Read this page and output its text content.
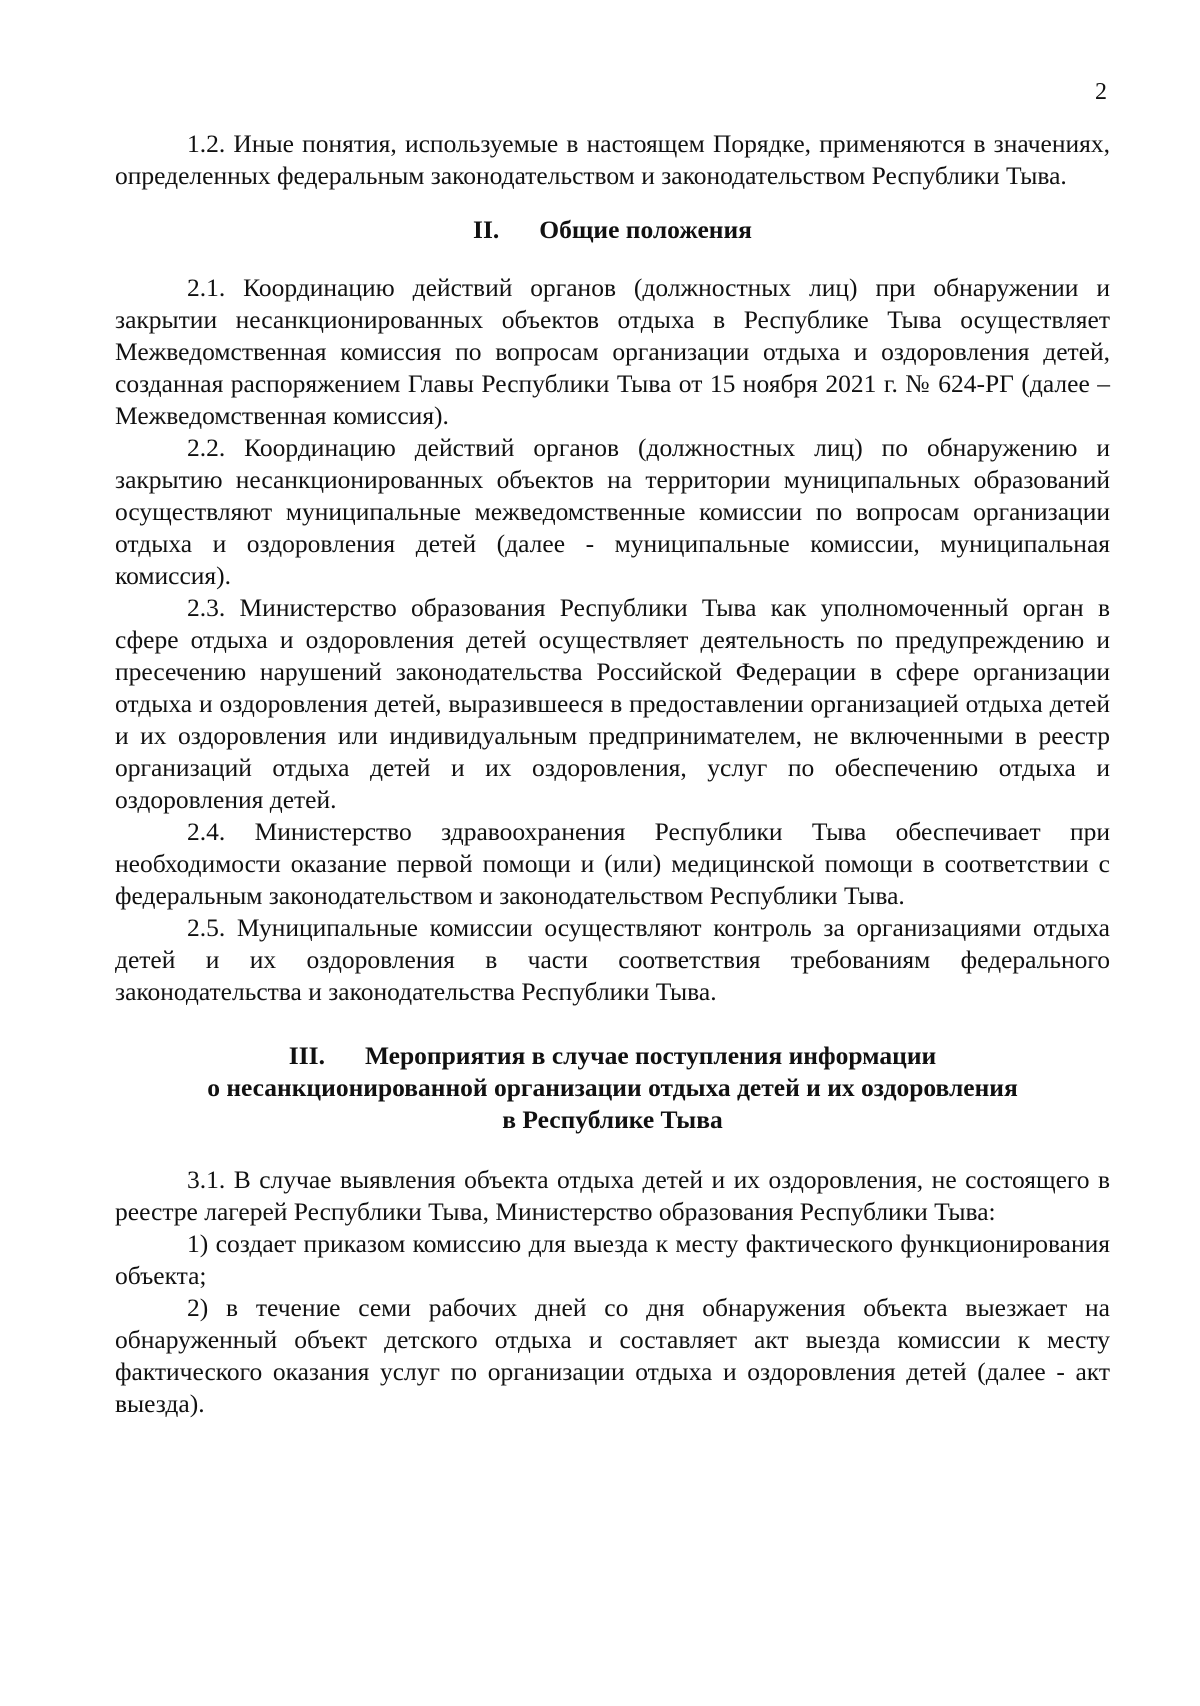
2

1.2. Иные понятия, используемые в настоящем Порядке, применяются в значениях, определенных федеральным законодательством и законодательством Республики Тыва.

II. Общие положения

2.1. Координацию действий органов (должностных лиц) при обнаружении и закрытии несанкционированных объектов отдыха в Республике Тыва осуществляет Межведомственная комиссия по вопросам организации отдыха и оздоровления детей, созданная распоряжением Главы Республики Тыва от 15 ноября 2021 г. № 624-РГ (далее – Межведомственная комиссия).

2.2. Координацию действий органов (должностных лиц) по обнаружению и закрытию несанкционированных объектов на территории муниципальных образований осуществляют муниципальные межведомственные комиссии по вопросам организации отдыха и оздоровления детей (далее - муниципальные комиссии, муниципальная комиссия).

2.3. Министерство образования Республики Тыва как уполномоченный орган в сфере отдыха и оздоровления детей осуществляет деятельность по предупреждению и пресечению нарушений законодательства Российской Федерации в сфере организации отдыха и оздоровления детей, выразившееся в предоставлении организацией отдыха детей и их оздоровления или индивидуальным предпринимателем, не включенными в реестр организаций отдыха детей и их оздоровления, услуг по обеспечению отдыха и оздоровления детей.

2.4. Министерство здравоохранения Республики Тыва обеспечивает при необходимости оказание первой помощи и (или) медицинской помощи в соответствии с федеральным законодательством и законодательством Республики Тыва.

2.5. Муниципальные комиссии осуществляют контроль за организациями отдыха детей и их оздоровления в части соответствия требованиям федерального законодательства и законодательства Республики Тыва.

III. Мероприятия в случае поступления информации
о несанкционированной организации отдыха детей и их оздоровления
в Республике Тыва

3.1. В случае выявления объекта отдыха детей и их оздоровления, не состоящего в реестре лагерей Республики Тыва, Министерство образования Республики Тыва:

1) создает приказом комиссию для выезда к месту фактического функционирования объекта;

2) в течение семи рабочих дней со дня обнаружения объекта выезжает на обнаруженный объект детского отдыха и составляет акт выезда комиссии к месту фактического оказания услуг по организации отдыха и оздоровления детей (далее - акт выезда).
